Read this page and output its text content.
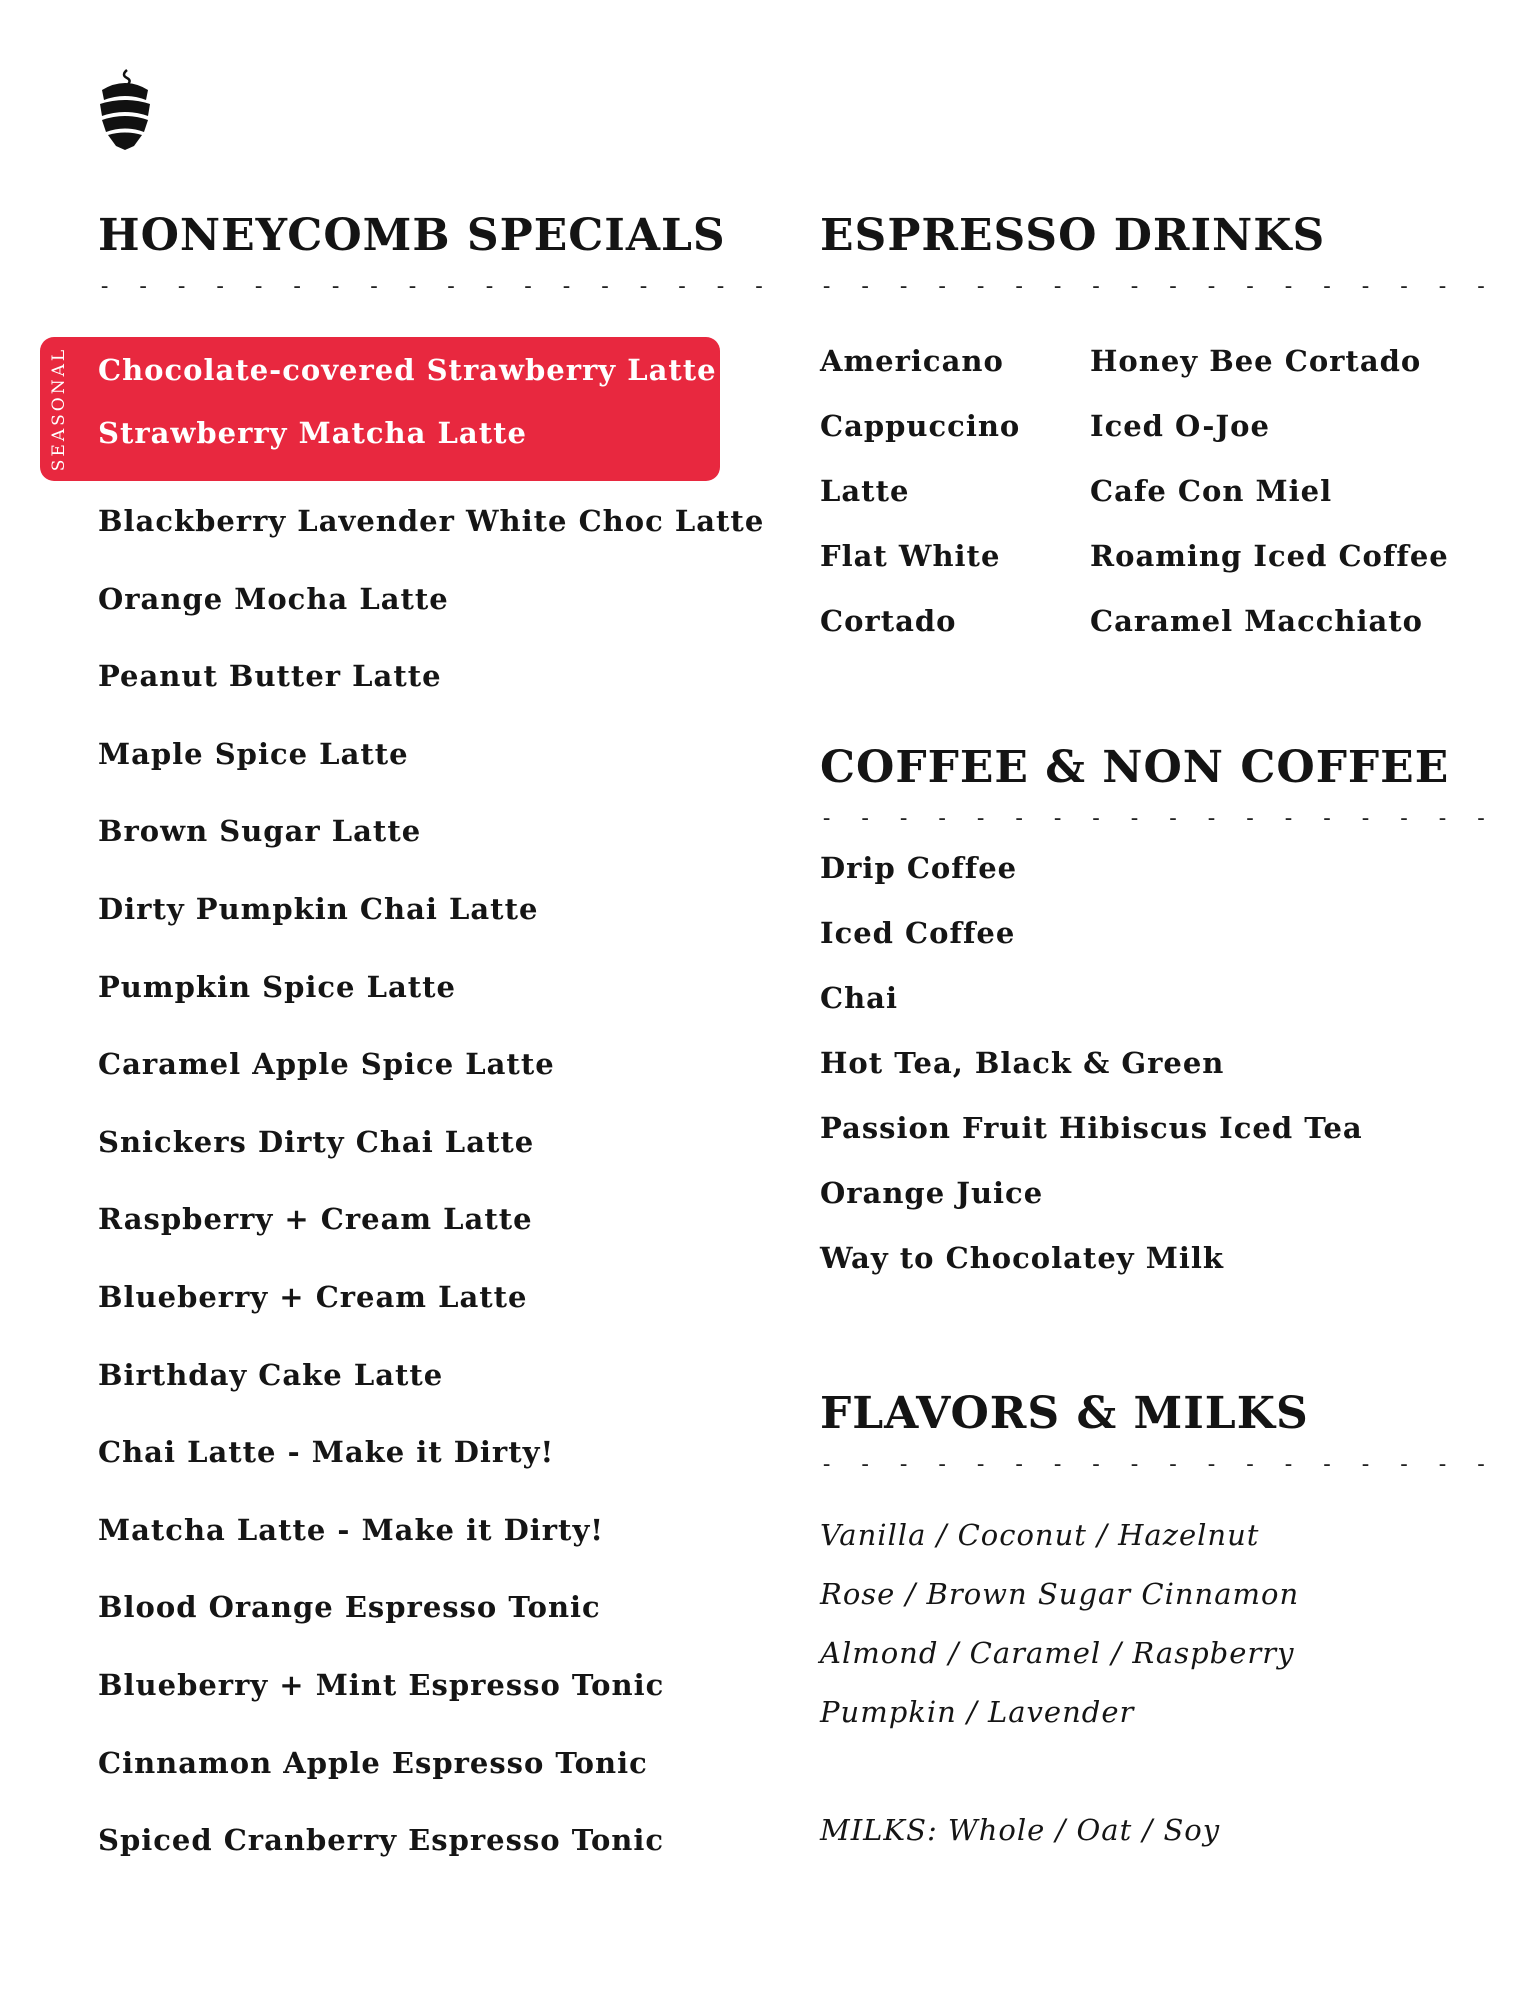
HONEYCOMB SPECIALS
- - - - - - - - - - - - - - - - - -
SEASONAL Chocolate-covered Strawberry Latte
Strawberry Matcha Latte
Blackberry Lavender White Choc Latte
Orange Mocha Latte
Peanut Butter Latte
Maple Spice Latte
Brown Sugar Latte
Dirty Pumpkin Chai Latte
Pumpkin Spice Latte
Caramel Apple Spice Latte
Snickers Dirty Chai Latte
Raspberry + Cream Latte
Blueberry + Cream Latte
Birthday Cake Latte
Chai Latte - Make it Dirty!
Matcha Latte - Make it Dirty!
Blood Orange Espresso Tonic
Blueberry + Mint Espresso Tonic
Cinnamon Apple Espresso Tonic
Spiced Cranberry Espresso Tonic
ESPRESSO DRINKS
- - - - - - - - - - - - - - - - - -
Americano
Cappuccino
Latte
Flat White
Cortado
Honey Bee Cortado
Iced O-Joe
Cafe Con Miel
Roaming Iced Coffee
Caramel Macchiato
COFFEE & NON COFFEE
- - - - - - - - - - - - - - - - - -
Drip Coffee
Iced Coffee
Chai
Hot Tea, Black & Green
Passion Fruit Hibiscus Iced Tea
Orange Juice
Way to Chocolatey Milk
FLAVORS & MILKS
- - - - - - - - - - - - - - - - - -
Vanilla / Coconut / Hazelnut
Rose / Brown Sugar Cinnamon
Almond / Caramel / Raspberry
Pumpkin / Lavender
MILKS: Whole / Oat / Soy
